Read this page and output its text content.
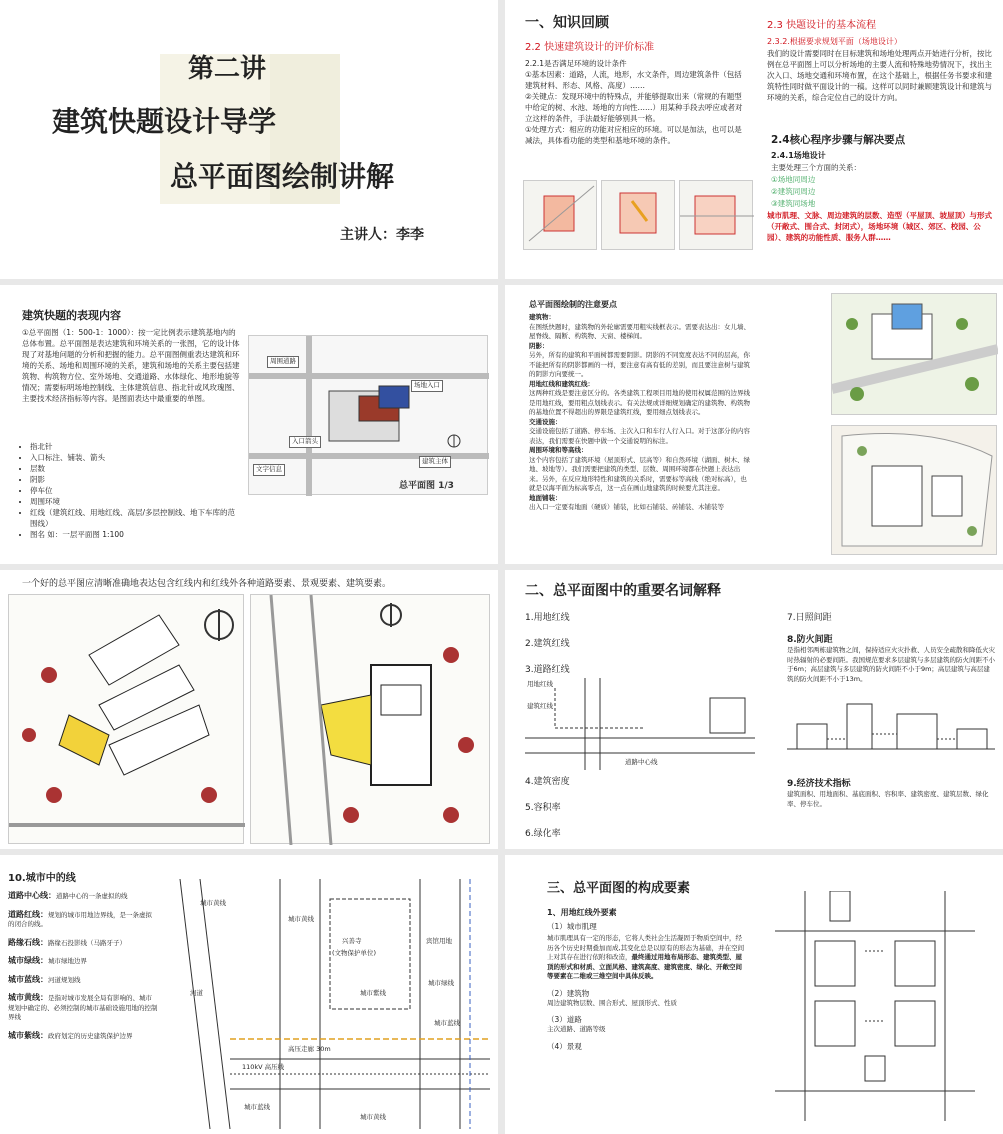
第二讲
建筑快题设计导学
总平面图绘制讲解
主讲人：李李
一、知识回顾
2.2 快速建筑设计的评价标准
2.2.1是否满足环境的设计条件
①基本因素：道路，人流，地形，水文条件，周边建筑条件（包括建筑材料、形态、风格、高度）……
②关键点：发现环境中的特殊点，并能够提取出来（常规的有题型中给定的树、水池、场地的方向性……）用某种手段去呼应或者对立这样的条件，手法最好能够别具一格。
①处理方式：相应的功能对应相应的环境。可以是加法，也可以是减法，具体看功能的类型和基地环境的条件。
2.3 快题设计的基本流程
2.3.2.根据要求规划平面（场地设计）
我们的设计需要同时在目标建筑和场地处理两点开始进行分析，按比例在总平面图上可以分析场地的主要人流和特殊地势情况下，找出主次入口、场地交通和环境布置，在这个基础上，根据任务书要求和建筑特性同时做平面设计的一稿。这样可以同时兼顾建筑设计和建筑与环境的关系，综合定位自己的设计方向。
2.4核心程序步骤与解决要点
2.4.1场地设计
主要处理三个方面的关系：
①场地同周边
②建筑同周边
③建筑同场地
城市肌理、文脉、周边建筑的层数、造型（平屋顶、坡屋顶）与形式（开敞式、围合式、封闭式），场地环境（城区、郊区、校园、公园）、建筑的功能性质、服务人群……
建筑快题的表现内容
①总平面图（1：500-1：1000）：按一定比例表示建筑基地内的总体布置。总平面图是表达建筑和环境关系的一张图，它的设计体现了对基地问题的分析和把握的能力。总平面图侧重表达建筑和环境的关系、场地和周围环境的关系，建筑和场地的关系主要包括建筑物、构筑物方位、室外场地、交通道路、水体绿化、地形地貌等情况；需要标明场地控制线、主体建筑信息、指北针或风玫瑰图、主要技术经济指标等内容。是图面表达中最重要的单图。
• 指北针
• 入口标注、铺装、箭头
• 层数
• 阴影
• 停车位
• 周围环境
• 红线（建筑红线、用地红线、高层/多层控制线、地下车库的范围线）
• 图名 如：一层平面图 1:100
周围道路
场地入口
文字信息
入口箭头
建筑主体
总平面图 1/3
总平面图绘制的注意要点
建筑物：
在图纸快题时，建筑物的外轮廓需要用粗实线框表示。需要表达出：女儿墙、屋脊线、隔断、构筑物、天窗、楼梯间。
阴影：
另外，所有的建筑和平面树都需要阴影。阴影的不同宽度表达不同的层高，你不能把所有的阴影都画的一样，要注意有高有低的差别，而且要注意树与建筑的阴影方向要统一。
用地红线和建筑红线：
这两种红线是要注意区分的。各类建筑工程项目用地的使用权属范围的边界线是用地红线，要用粗点划线表示。有关法规或详细规划确定的建筑物、构筑物的基地位置不得超出的界限是建筑红线，要用细点划线表示。
交通设施：
交通设施包括了道路、停车场、主次入口和车行人行入口。对于这部分的内容表达，我们需要在快题中做一个交通说明的标注。
周围环境和等高线：
这个内容包括了建筑环境（屋顶形式、层高等）和自然环境（湖面、树木、绿地、坡地等）。我们需要把建筑的类型、层数、周围环境都在快题上表达出来。另外，在反应地形特性和建筑的关系时，需要标等高线（绝对标高），也就是以海平面为标高零点，这一点在画山地建筑的时候要尤其注意。
地面铺装：
出入口一定要有地面（硬质）铺装，比如石铺装、砖铺装、木铺装等
一个好的总平图应清晰准确地表达包含红线内和红线外各种道路要素、景观要素、建筑要素。	二、总平面图中的重要名词解释
1.用地红线
2.建筑红线
3.道路红线
用地红线
建筑红线
道路中心线
4.建筑密度
5.容积率
6.绿化率
7.日照间距
8.防火间距
是指相邻两栋建筑物之间，保持适应火灾扑救、人员安全疏散和降低火灾时热辐射的必要间距。我国规范要求多层建筑与多层建筑的防火间距不小于6m；高层建筑与多层建筑的防火间距不小于9m；高层建筑与高层建筑的防火间距不小于13m。
9.经济技术指标
建筑面积、用地面积、基底面积、容积率、建筑密度、建筑层数、绿化率、停车位。
10.城市中的线
道路中心线：道路中心的一条虚拟的线
道路红线：规划的城市用地边界线，是一条虚拟的闭合的线。
路缘石线：路缘石投影线（马路牙子）
城市绿线：城市绿地边界
城市蓝线：河道规划线
城市黄线：是指对城市发展全局有影响的、城市规划中确定的、必须控制的城市基础设施用地的控制界线
城市紫线：政府划定的历史建筑保护边界
城市黄线
城市黄线
兴善寺
(文物保护单位)
城市紫线
宾馆用地
城市绿线
城市蓝线
高压走廊 30m
110kV 高压线
城市蓝线
河道
城市黄线
三、总平面图的构成要素
1、用地红线外要素
（1）城市肌理
城市肌理具有一定的形态，它将人类社会生活凝固于物质空间中，经历各个历史时期叠加而成,其变化总是以原有的形态为基础，并在空间上对其存在进行依附和改造，最终通过用地布局形态、建筑类型、屋顶的形式和材质、立面风格、建筑高度、建筑密度、绿化、开敞空间等要素在二维或三维空间中具体反映。
（2）建筑物
周边建筑物层数、围合形式、屋顶形式、性质
（3）道路
主次道路、道路等级
（4）景观
